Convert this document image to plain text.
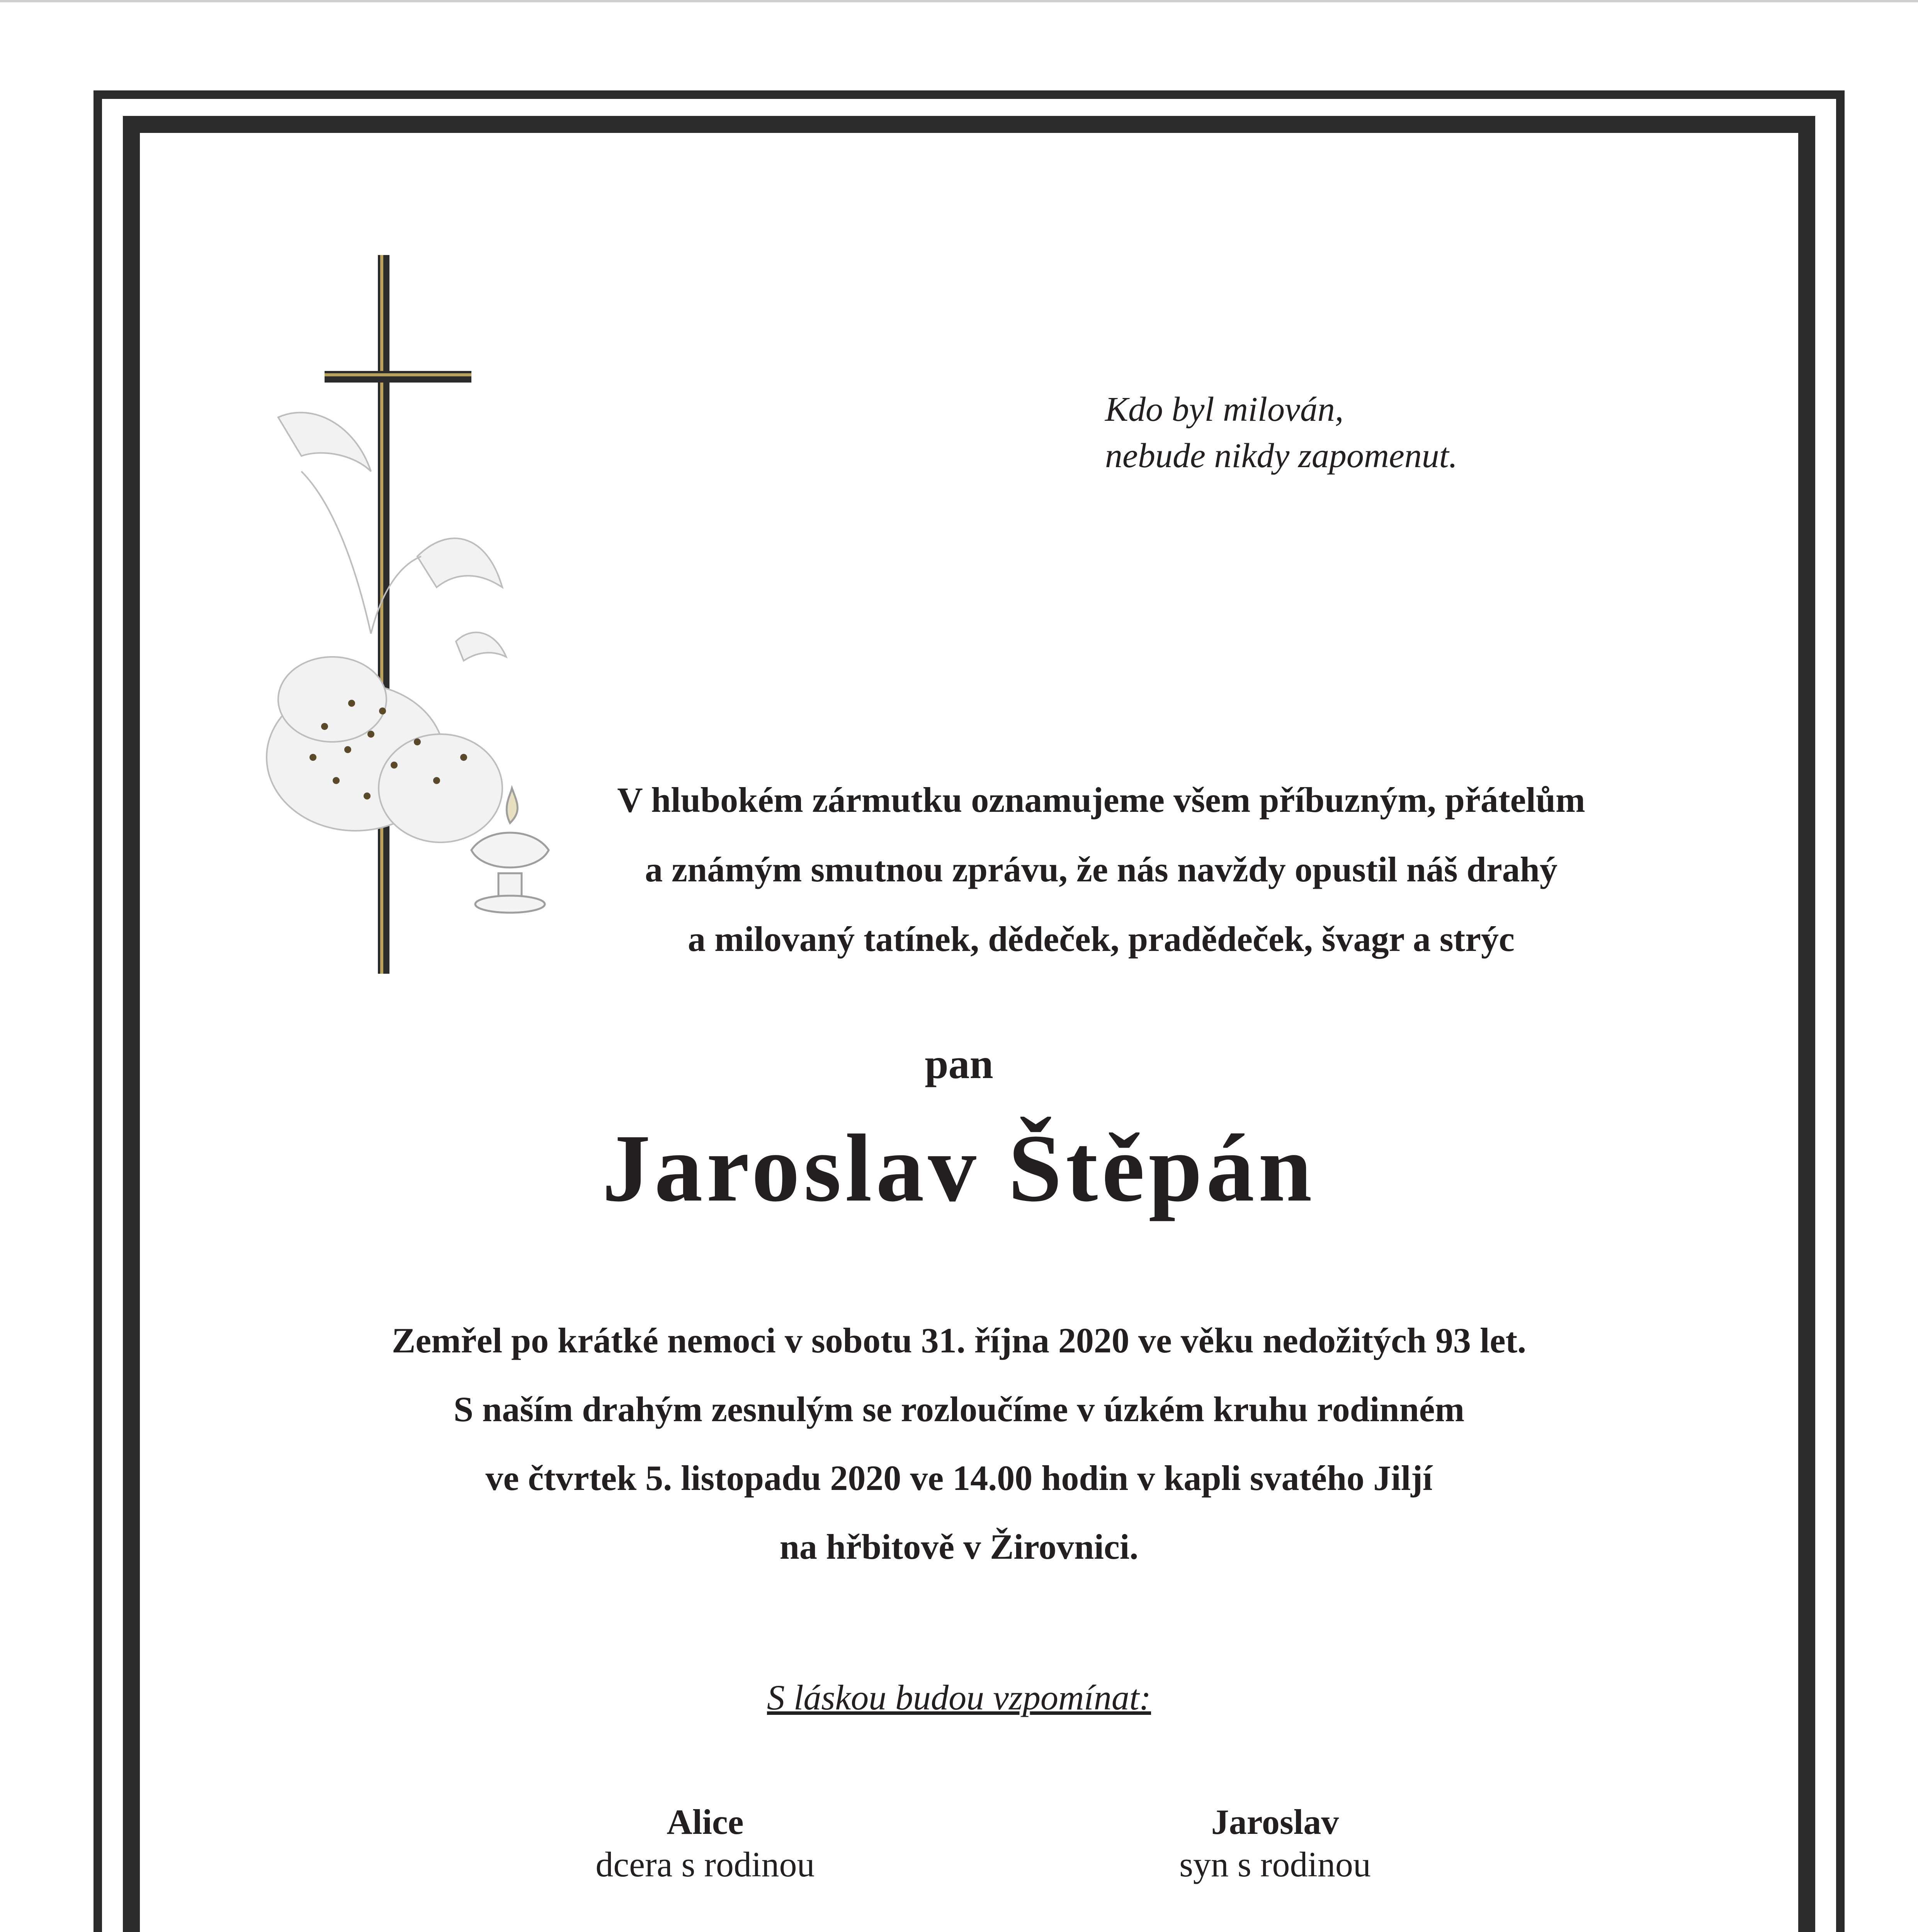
Kdo byl milován,
nebude nikdy zapomenut.
V hlubokém zármutku oznamujeme všem příbuzným, přátelům
a známým smutnou zprávu, že nás navždy opustil náš drahý
a milovaný tatínek, dědeček, pradědeček, švagr a strýc
pan
Jaroslav Štěpán
Zemřel po krátké nemoci v sobotu 31. října 2020 ve věku nedožitých 93 let.
S naším drahým zesnulým se rozloučíme v úzkém kruhu rodinném
ve čtvrtek 5. listopadu 2020 ve 14.00 hodin v kapli svatého Jiljí
na hřbitově v Žirovnici.
S láskou budou vzpomínat:
Alice
dcera s rodinou
Jaroslav
syn s rodinou
